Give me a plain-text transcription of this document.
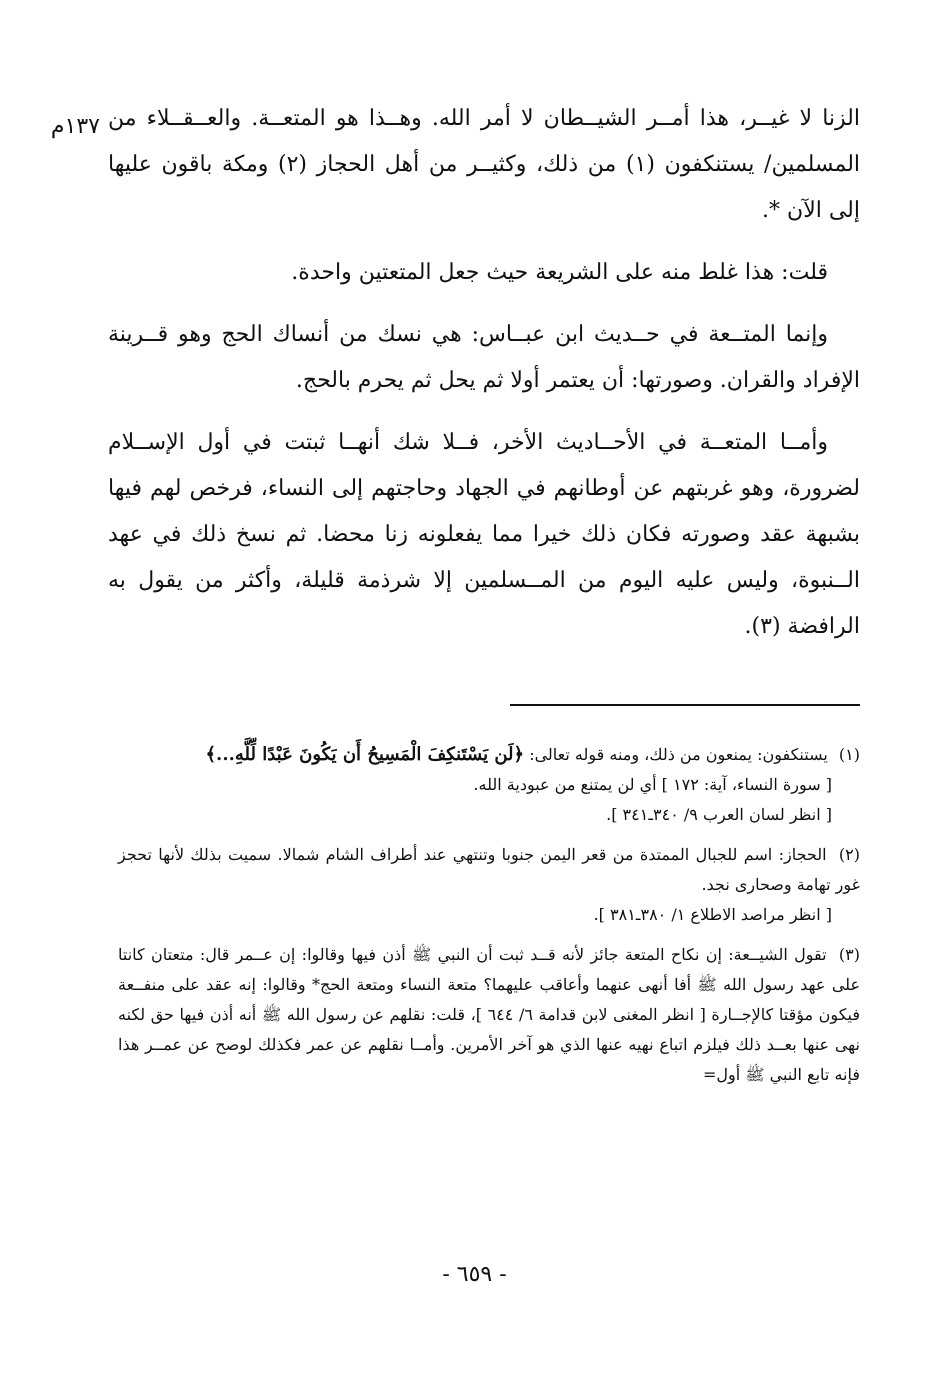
١٣٧م الزنا لا غيــر، هذا أمــر الشيــطان لا أمر الله. وهــذا هو المتعــة. والعــقــلاء من المسلمين/ يستنكفون (١) من ذلك، وكثيــر من أهل الحجاز (٢) ومكة باقون عليها إلى الآن *.

قلت: هذا غلط منه على الشريعة حيث جعل المتعتين واحدة.

وإنما المتــعة في حــديث ابن عبــاس: هي نسك من أنساك الحج وهو قــرينة الإفراد والقران. وصورتها: أن يعتمر أولا ثم يحل ثم يحرم بالحج.

وأمــا المتعــة في الأحــاديث الأخر، فــلا شك أنهــا ثبتت في أول الإســلام لضرورة، وهو غربتهم عن أوطانهم في الجهاد وحاجتهم إلى النساء، فرخص لهم فيها بشبهة عقد وصورته فكان ذلك خيرا مما يفعلونه زنا محضا. ثم نسخ ذلك في عهد الــنبوة، وليس عليه اليوم من المــسلمين إلا شرذمة قليلة، وأكثر من يقول به الرافضة (٣).

(١) يستنكفون: يمنعون من ذلك، ومنه قوله تعالى: ﴿لَن يَسْتَنكِفَ الْمَسِيحُ أَن يَكُونَ عَبْدًا لِّلَّهِ...﴾
[ سورة النساء، آية: ١٧٢ ] أي لن يمتنع من عبودية الله.
[ انظر لسان العرب ٩/ ٣٤٠ـ٣٤١ ].
(٢) الحجاز: اسم للجبال الممتدة من قعر اليمن جنوبا وتنتهي عند أطراف الشام شمالا. سميت بذلك لأنها تحجز غور تهامة وصحارى نجد.
[ انظر مراصد الاطلاع ١/ ٣٨٠ـ٣٨١ ].
(٣) تقول الشيــعة: إن نكاح المتعة جائز لأنه قــد ثبت أن النبي ﷺ أذن فيها وقالوا: إن عــمر قال: متعتان كانتا على عهد رسول الله ﷺ أفا أنهى عنهما وأعاقب عليهما؟ متعة النساء ومتعة الحج* وقالوا: إنه عقد على منفــعة فيكون مؤقتا كالإجــارة [ انظر المغنى لابن قدامة ٦/ ٦٤٤ ]، قلت: نقلهم عن رسول الله ﷺ أنه أذن فيها حق لكنه نهى عنها بعــد ذلك فيلزم اتباع نهيه عنها الذي هو آخر الأمرين. وأمــا نقلهم عن عمر فكذلك لوصح عن عمــر هذا فإنه تابع النبي ﷺ أول=
- ٦٥٩ -
